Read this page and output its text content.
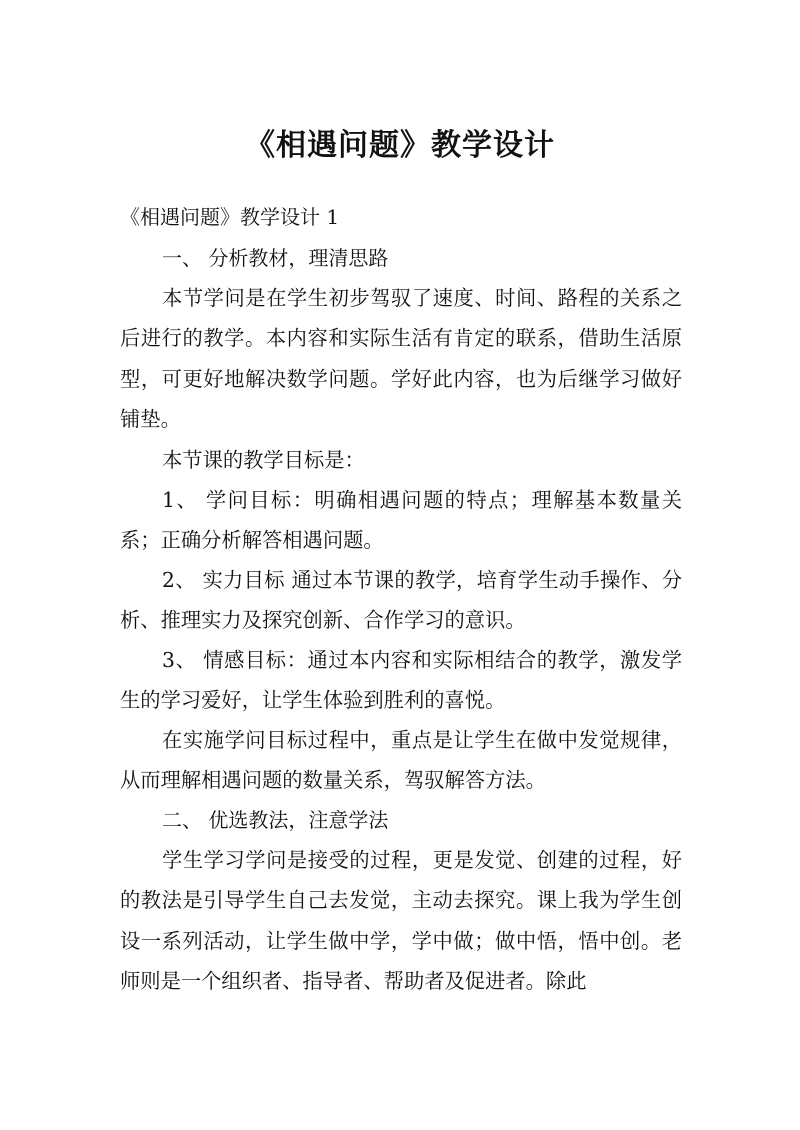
《相遇问题》教学设计
《相遇问题》教学设计 1
一、 分析教材，理清思路
本节学问是在学生初步驾驭了速度、时间、路程的关系之后进行的教学。本内容和实际生活有肯定的联系，借助生活原型，可更好地解决数学问题。学好此内容，也为后继学习做好铺垫。
本节课的教学目标是：
1、 学问目标：明确相遇问题的特点；理解基本数量关系；正确分析解答相遇问题。
2、 实力目标 通过本节课的教学，培育学生动手操作、分析、推理实力及探究创新、合作学习的意识。
3、 情感目标：通过本内容和实际相结合的教学，激发学生的学习爱好，让学生体验到胜利的喜悦。
在实施学问目标过程中，重点是让学生在做中发觉规律，从而理解相遇问题的数量关系，驾驭解答方法。
二、 优选教法，注意学法
学生学习学问是接受的过程，更是发觉、创建的过程，好的教法是引导学生自己去发觉，主动去探究。课上我为学生创设一系列活动，让学生做中学，学中做；做中悟，悟中创。老师则是一个组织者、指导者、帮助者及促进者。除此
